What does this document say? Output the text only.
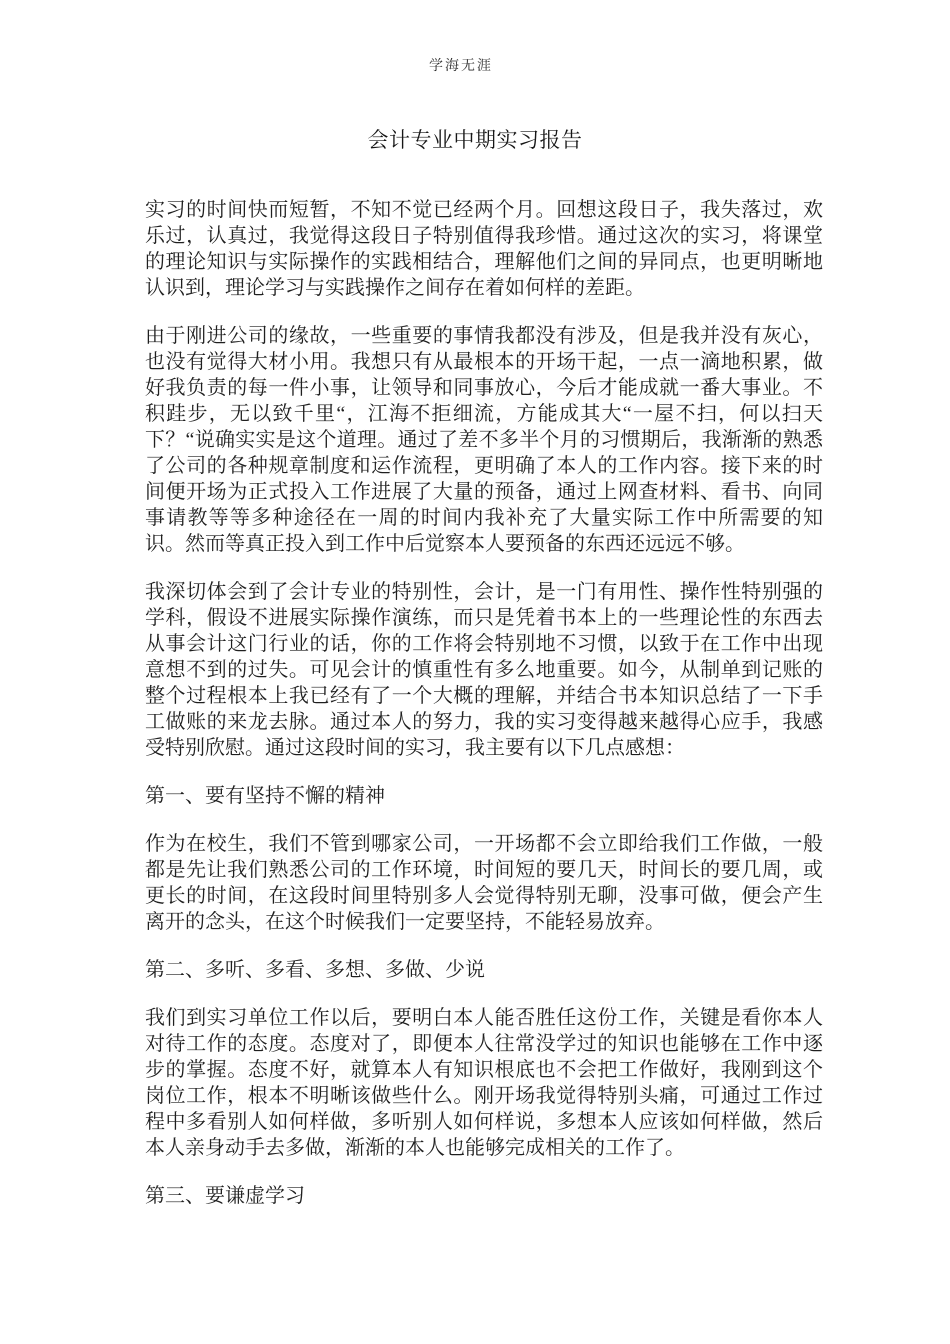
学海无涯
会计专业中期实习报告

实习的时间快而短暂，不知不觉已经两个月。回想这段日子，我失落过，欢乐过，认真过，我觉得这段日子特别值得我珍惜。通过这次的实习，将课堂的理论知识与实际操作的实践相结合，理解他们之间的异同点，也更明晰地认识到，理论学习与实践操作之间存在着如何样的差距。

由于刚进公司的缘故，一些重要的事情我都没有涉及，但是我并没有灰心，也没有觉得大材小用。我想只有从最根本的开场干起，一点一滴地积累，做好我负责的每一件小事，让领导和同事放心，今后才能成就一番大事业。不积跬步，无以致千里“，江海不拒细流，方能成其大“一屋不扫，何以扫天下？“说确实实是这个道理。通过了差不多半个月的习惯期后，我渐渐的熟悉了公司的各种规章制度和运作流程，更明确了本人的工作内容。接下来的时间便开场为正式投入工作进展了大量的预备，通过上网查材料、看书、向同事请教等等多种途径在一周的时间内我补充了大量实际工作中所需要的知识。然而等真正投入到工作中后觉察本人要预备的东西还远远不够。

我深切体会到了会计专业的特别性，会计，是一门有用性、操作性特别强的学科，假设不进展实际操作演练，而只是凭着书本上的一些理论性的东西去从事会计这门行业的话，你的工作将会特别地不习惯，以致于在工作中出现意想不到的过失。可见会计的慎重性有多么地重要。如今，从制单到记账的整个过程根本上我已经有了一个大概的理解，并结合书本知识总结了一下手工做账的来龙去脉。通过本人的努力，我的实习变得越来越得心应手，我感受特别欣慰。通过这段时间的实习，我主要有以下几点感想：

第一、要有坚持不懈的精神

作为在校生，我们不管到哪家公司，一开场都不会立即给我们工作做，一般都是先让我们熟悉公司的工作环境，时间短的要几天，时间长的要几周，或更长的时间，在这段时间里特别多人会觉得特别无聊，没事可做，便会产生离开的念头，在这个时候我们一定要坚持，不能轻易放弃。

第二、多听、多看、多想、多做、少说

我们到实习单位工作以后，要明白本人能否胜任这份工作，关键是看你本人对待工作的态度。态度对了，即便本人往常没学过的知识也能够在工作中逐步的掌握。态度不好，就算本人有知识根底也不会把工作做好，我刚到这个岗位工作，根本不明晰该做些什么。刚开场我觉得特别头痛，可通过工作过程中多看别人如何样做，多听别人如何样说，多想本人应该如何样做，然后本人亲身动手去多做，渐渐的本人也能够完成相关的工作了。

第三、要谦虚学习
